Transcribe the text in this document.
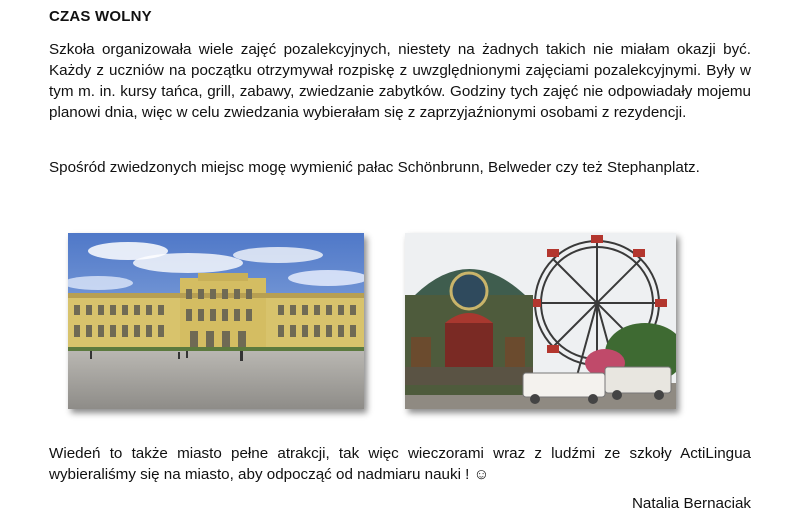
CZAS WOLNY

Szkoła organizowała wiele zajęć pozalekcyjnych, niestety na żadnych takich nie miałam okazji być. Każdy z uczniów na początku otrzymywał rozpiskę z uwzględnionymi zajęciami pozalekcyjnymi. Były w tym m. in. kursy tańca, grill, zabawy, zwiedzanie zabytków. Godziny tych zajęć nie odpowiadały mojemu planowi dnia, więc w celu zwiedzania wybierałam się z zaprzyjaźnionymi osobami z rezydencji.

Spośród zwiedzonych miejsc mogę wymienić pałac Schönbrunn, Belweder czy też Stephanplatz.

Wiedeń to także miasto pełne atrakcji, tak więc wieczorami wraz z ludźmi ze szkoły ActiLingua wybieraliśmy się na miasto, aby odpocząć od nadmiaru nauki ! ☺

Natalia Bernaciak
